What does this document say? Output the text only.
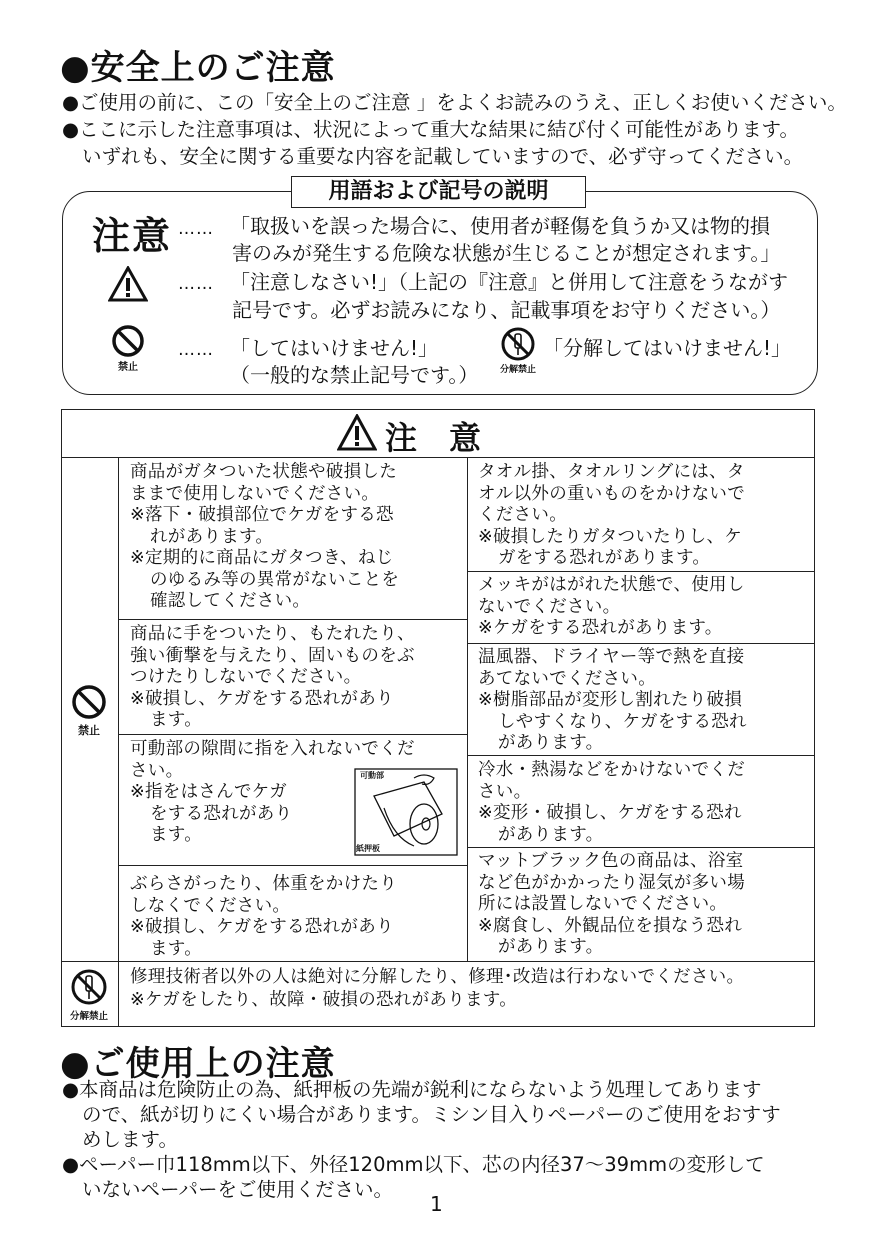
●安全上のご注意
●ご使用の前に、この「安全上のご注意 」をよくお読みのうえ、正しくお使いください。
●ここに示した注意事項は、状況によって重大な結果に結び付く可能性があります。
いずれも、安全に関する重要な内容を記載していますので、必ず守ってください。
用語および記号の説明
注意 …… 「取扱いを誤った場合に、使用者が軽傷を負うか又は物的損
害のみが発生する危険な状態が生じることが想定されます。」
…… 「注意しなさい!」（上記の『注意』と併用して注意をうながす
記号です。必ずお読みになり、記載事項をお守りください。）
禁止
…… 「してはいけません!」
（一般的な禁止記号です。）	分解禁止
「分解してはいけません!」
注　意
禁止
商品がガタついた状態や破損した
ままで使用しないでください。
※落下・破損部位でケガをする恐
れがあります。
※定期的に商品にガタつき、ねじ
のゆるみ等の異常がないことを
確認してください。
商品に手をついたり、もたれたり、
強い衝撃を与えたり、固いものをぶ
つけたりしないでください。
※破損し、ケガをする恐れがあり
ます。
可動部の隙間に指を入れないでくだ
さい。
※指をはさんでケガ
をする恐れがあり
ます。
可動部
紙押板
ぶらさがったり、体重をかけたり
しなくでください。
※破損し、ケガをする恐れがあり
ます。
タオル掛、タオルリングには、タ
オル以外の重いものをかけないで
ください。
※破損したりガタついたりし、ケ
ガをする恐れがあります。
メッキがはがれた状態で、使用し
ないでください。
※ケガをする恐れがあります。
温風器、ドライヤー等で熱を直接
あてないでください。
※樹脂部品が変形し割れたり破損
しやすくなり、ケガをする恐れ
があります。
冷水・熱湯などをかけないでくだ
さい。
※変形・破損し、ケガをする恐れ
があります。
マットブラック色の商品は、浴室
など色がかかったり湿気が多い場
所には設置しないでください。
※腐食し、外観品位を損なう恐れ
があります。
分解禁止
修理技術者以外の人は絶対に分解したり、修理･改造は行わないでください。
※ケガをしたり、故障・破損の恐れがあります。
●ご使用上の注意
●本商品は危険防止の為、紙押板の先端が鋭利にならないよう処理してあります
ので、紙が切りにくい場合があります。ミシン目入りペーパーのご使用をおすす
めします。
●ペーパー巾118mm以下、外径120mm以下、芯の内径37～39mmの変形して
いないペーパーをご使用ください。
1
